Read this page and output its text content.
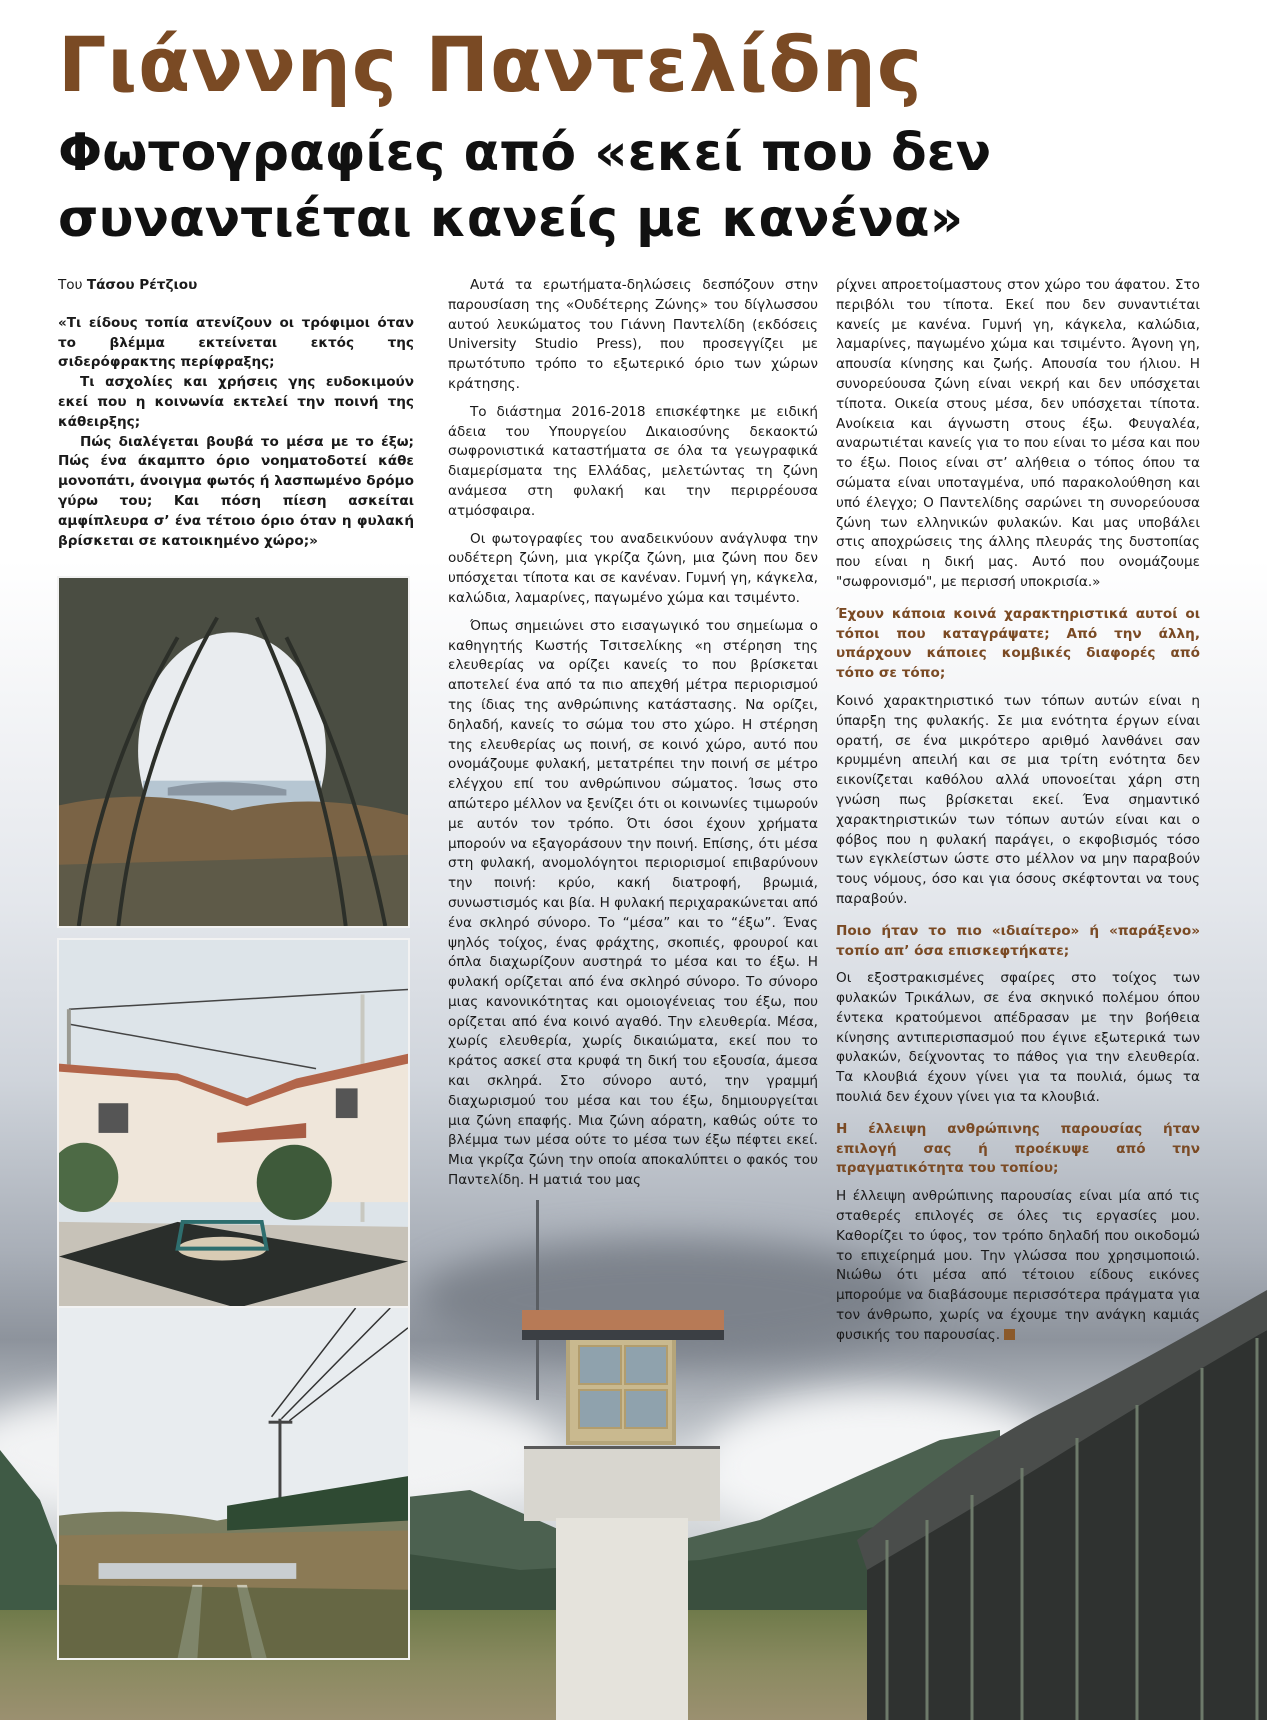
Γιάννης Παντελίδης
Φωτογραφίες από «εκεί που δεν συναντιέται κανείς με κανένα»
Του Τάσου Ρέτζιου

«Τι είδους τοπία ατενίζουν οι τρόφιμοι όταν το βλέμμα εκτείνεται εκτός της σιδερόφρακτης περίφραξης;

Τι ασχολίες και χρήσεις γης ευδοκιμούν εκεί που η κοινωνία εκτελεί την ποινή της κάθειρξης;

Πώς διαλέγεται βουβά το μέσα με το έξω; Πώς ένα άκαμπτο όριο νοηματοδοτεί κάθε μονοπάτι, άνοιγμα φωτός ή λασπωμένο δρόμο γύρω του; Και πόση πίεση ασκείται αμφίπλευρα σ’ ένα τέτοιο όριο όταν η φυλακή βρίσκεται σε κατοικημένο χώρο;»

Αυτά τα ερωτήματα-δηλώσεις δεσπόζουν στην παρουσίαση της «Ουδέτερης Ζώνης» του δίγλωσσου αυτού λευκώματος του Γιάννη Παντελίδη (εκδόσεις University Studio Press), που προσεγγίζει με πρωτότυπο τρόπο το εξωτερικό όριο των χώρων κράτησης.

Το διάστημα 2016-2018 επισκέφτηκε με ειδική άδεια του Υπουργείου Δικαιοσύνης δεκαοκτώ σωφρονιστικά καταστήματα σε όλα τα γεωγραφικά διαμερίσματα της Ελλάδας, μελετώντας τη ζώνη ανάμεσα στη φυλακή και την περιρρέουσα ατμόσφαιρα.

Οι φωτογραφίες του αναδεικνύουν ανάγλυφα την ουδέτερη ζώνη, μια γκρίζα ζώνη, μια ζώνη που δεν υπόσχεται τίποτα και σε κανέναν. Γυμνή γη, κάγκελα, καλώδια, λαμαρίνες, παγωμένο χώμα και τσιμέντο.

Όπως σημειώνει στο εισαγωγικό του σημείωμα ο καθηγητής Κωστής Τσιτσελίκης «η στέρηση της ελευθερίας να ορίζει κανείς το που βρίσκεται αποτελεί ένα από τα πιο απεχθή μέτρα περιορισμού της ίδιας της ανθρώπινης κατάστασης. Να ορίζει, δηλαδή, κανείς το σώμα του στο χώρο. Η στέρηση της ελευθερίας ως ποινή, σε κοινό χώρο, αυτό που ονομάζουμε φυλακή, μετατρέπει την ποινή σε μέτρο ελέγχου επί του ανθρώπινου σώματος. Ίσως στο απώτερο μέλλον να ξενίζει ότι οι κοινωνίες τιμωρούν με αυτόν τον τρόπο. Ότι όσοι έχουν χρήματα μπορούν να εξαγοράσουν την ποινή. Επίσης, ότι μέσα στη φυλακή, ανομολόγητοι περιορισμοί επιβαρύνουν την ποινή: κρύο, κακή διατροφή, βρωμιά, συνωστισμός και βία. Η φυλακή περιχαρακώνεται από ένα σκληρό σύνορο. Το “μέσα” και το “έξω”. Ένας ψηλός τοίχος, ένας φράχτης, σκοπιές, φρουροί και όπλα διαχωρίζουν αυστηρά το μέσα και το έξω. Η φυλακή ορίζεται από ένα σκληρό σύνορο. Το σύνορο μιας κανονικότητας και ομοιογένειας του έξω, που ορίζεται από ένα κοινό αγαθό. Την ελευθερία. Μέσα, χωρίς ελευθερία, χωρίς δικαιώματα, εκεί που το κράτος ασκεί στα κρυφά τη δική του εξουσία, άμεσα και σκληρά. Στο σύνορο αυτό, την γραμμή διαχωρισμού του μέσα και του έξω, δημιουργείται μια ζώνη επαφής. Μια ζώνη αόρατη, καθώς ούτε το βλέμμα των μέσα ούτε το μέσα των έξω πέφτει εκεί. Μια γκρίζα ζώνη την οποία αποκαλύπτει ο φακός του Παντελίδη. Η ματιά του μας

ρίχνει απροετοίμαστους στον χώρο του άφατου. Στο περιβόλι του τίποτα. Εκεί που δεν συναντιέται κανείς με κανένα. Γυμνή γη, κάγκελα, καλώδια, λαμαρίνες, παγωμένο χώμα και τσιμέντο. Άγονη γη, απουσία κίνησης και ζωής. Απουσία του ήλιου. Η συνορεύουσα ζώνη είναι νεκρή και δεν υπόσχεται τίποτα. Οικεία στους μέσα, δεν υπόσχεται τίποτα. Ανοίκεια και άγνωστη στους έξω. Φευγαλέα, αναρωτιέται κανείς για το που είναι το μέσα και που το έξω. Ποιος είναι στ’ αλήθεια ο τόπος όπου τα σώματα είναι υποταγμένα, υπό παρακολούθηση και υπό έλεγχο; Ο Παντελίδης σαρώνει τη συνορεύουσα ζώνη των ελληνικών φυλακών. Και μας υποβάλει στις αποχρώσεις της άλλης πλευράς της δυστοπίας που είναι η δική μας. Αυτό που ονομάζουμε "σωφρονισμό", με περισσή υποκρισία.»

Έχουν κάποια κοινά χαρακτηριστικά αυτοί οι τόποι που καταγράψατε; Από την άλλη, υπάρχουν κάποιες κομβικές διαφορές από τόπο σε τόπο;

Κοινό χαρακτηριστικό των τόπων αυτών είναι η ύπαρξη της φυλακής. Σε μια ενότητα έργων είναι ορατή, σε ένα μικρότερο αριθμό λανθάνει σαν κρυμμένη απειλή και σε μια τρίτη ενότητα δεν εικονίζεται καθόλου αλλά υπονοείται χάρη στη γνώση πως βρίσκεται εκεί. Ένα σημαντικό χαρακτηριστικών των τόπων αυτών είναι και ο φόβος που η φυλακή παράγει, ο εκφοβισμός τόσο των εγκλείστων ώστε στο μέλλον να μην παραβούν τους νόμους, όσο και για όσους σκέφτονται να τους παραβούν.

Ποιο ήταν το πιο «ιδιαίτερο» ή «παράξενο» τοπίο απ’ όσα επισκεφτήκατε;

Οι εξοστρακισμένες σφαίρες στο τοίχος των φυλακών Τρικάλων, σε ένα σκηνικό πολέμου όπου έντεκα κρατούμενοι απέδρασαν με την βοήθεια κίνησης αντιπερισπασμού που έγινε εξωτερικά των φυλακών, δείχνοντας το πάθος για την ελευθερία. Τα κλουβιά έχουν γίνει για τα πουλιά, όμως τα πουλιά δεν έχουν γίνει για τα κλουβιά.

Η έλλειψη ανθρώπινης παρουσίας ήταν επιλογή σας ή προέκυψε από την πραγματικότητα του τοπίου;

Η έλλειψη ανθρώπινης παρουσίας είναι μία από τις σταθερές επιλογές σε όλες τις εργασίες μου. Καθορίζει το ύφος, τον τρόπο δηλαδή που οικοδομώ το επιχείρημά μου. Την γλώσσα που χρησιμοποιώ. Νιώθω ότι μέσα από τέτοιου είδους εικόνες μπορούμε να διαβάσουμε περισσότερα πράγματα για τον άνθρωπο, χωρίς να έχουμε την ανάγκη καμιάς φυσικής του παρουσίας.
